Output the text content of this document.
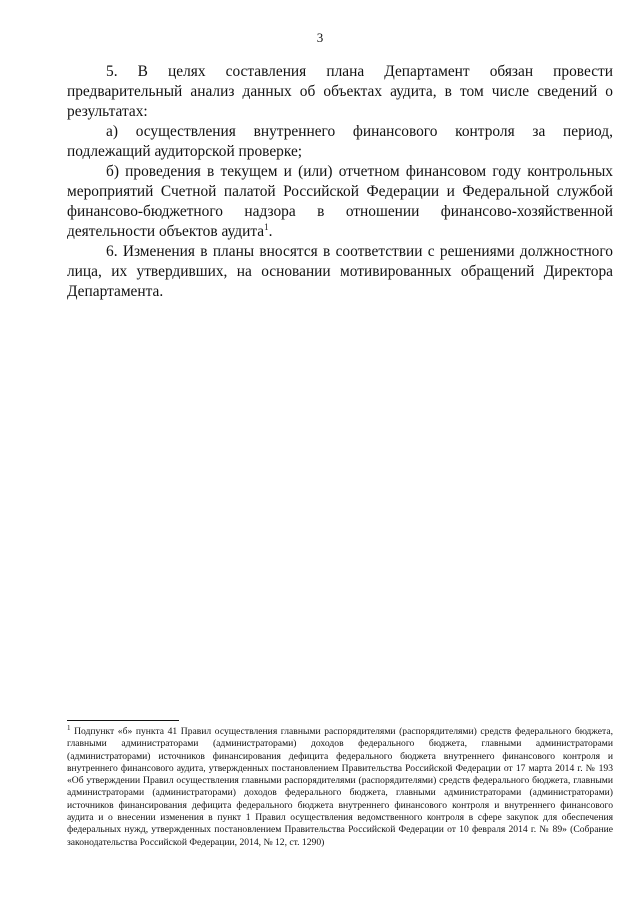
3

5. В целях составления плана Департамент обязан провести предварительный анализ данных об объектах аудита, в том числе сведений о результатах:

а) осуществления внутреннего финансового контроля за период, подлежащий аудиторской проверке;

б) проведения в текущем и (или) отчетном финансовом году контрольных мероприятий Счетной палатой Российской Федерации и Федеральной службой финансово-бюджетного надзора в отношении финансово-хозяйственной деятельности объектов аудита$^1$.

6. Изменения в планы вносятся в соответствии с решениями должностного лица, их утвердивших, на основании мотивированных обращений Директора Департамента.

$^1$ Подпункт «б» пункта 41 Правил осуществления главными распорядителями (распорядителями) средств федерального бюджета, главными администраторами (администраторами) доходов федерального бюджета, главными администраторами (администраторами) источников финансирования дефицита федерального бюджета внутреннего финансового контроля и внутреннего финансового аудита, утвержденных постановлением Правительства Российской Федерации от 17 марта 2014 г. № 193 «Об утверждении Правил осуществления главными распорядителями (распорядителями) средств федерального бюджета, главными администраторами (администраторами) доходов федерального бюджета, главными администраторами (администраторами) источников финансирования дефицита федерального бюджета внутреннего финансового контроля и внутреннего финансового аудита и о внесении изменения в пункт 1 Правил осуществления ведомственного контроля в сфере закупок для обеспечения федеральных нужд, утвержденных постановлением Правительства Российской Федерации от 10 февраля 2014 г. № 89» (Собрание законодательства Российской Федерации, 2014, № 12, ст. 1290)
